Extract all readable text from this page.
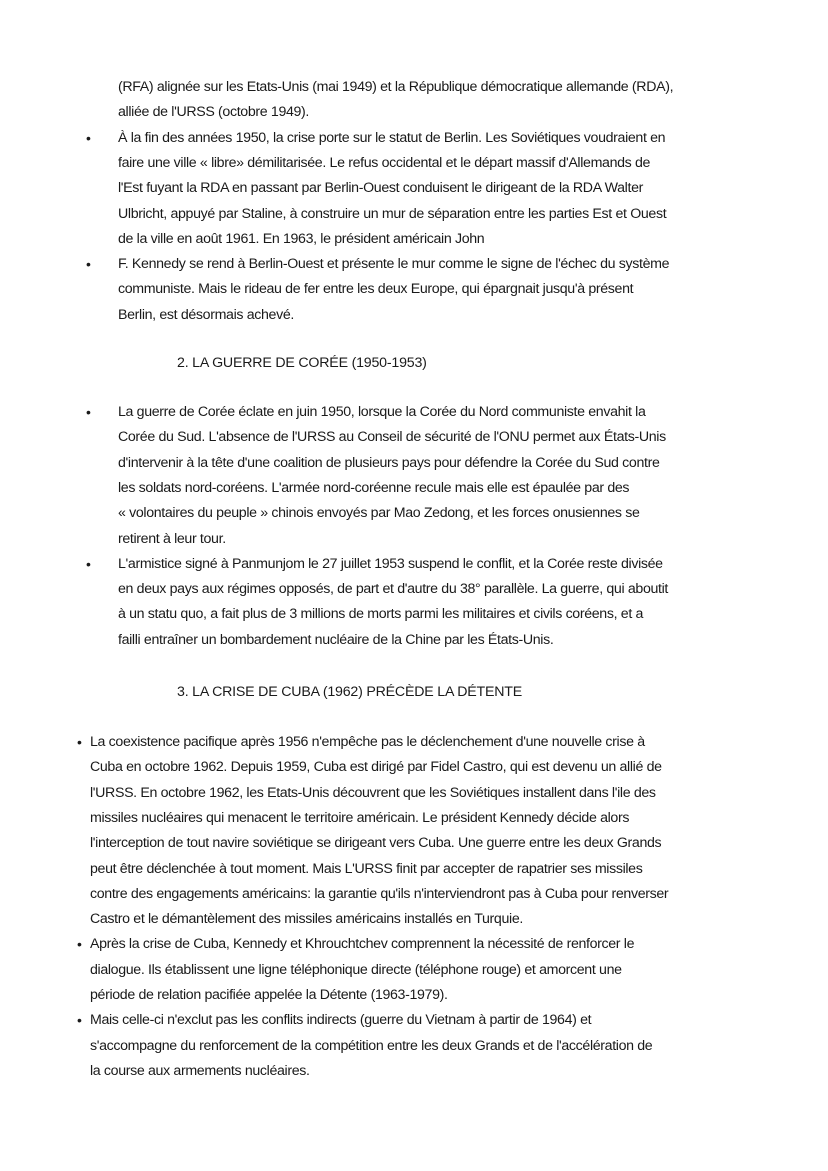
2. LA GUERRE DE CORÉE (1950-1953)
3. LA CRISE DE CUBA (1962) PRÉCÈDE LA DÉTENTE
(RFA) alignée sur les Etats-Unis (mai 1949) et la République démocratique allemande (RDA),
alliée de l'URSS (octobre 1949).
• À la fin des années 1950, la crise porte sur le statut de Berlin. Les Soviétiques voudraient en
faire une ville « libre» démilitarisée. Le refus occidental et le départ massif d'Allemands de
l'Est fuyant la RDA en passant par Berlin-Ouest conduisent le dirigeant de la RDA Walter
Ulbricht, appuyé par Staline, à construire un mur de séparation entre les parties Est et Ouest
de la ville en août 1961. En 1963, le président américain John
• F. Kennedy se rend à Berlin-Ouest et présente le mur comme le signe de l'échec du système
communiste. Mais le rideau de fer entre les deux Europe, qui épargnait jusqu'à présent
Berlin, est désormais achevé.
• La guerre de Corée éclate en juin 1950, lorsque la Corée du Nord communiste envahit la
Corée du Sud. L'absence de l'URSS au Conseil de sécurité de l'ONU permet aux États-Unis
d'intervenir à la tête d'une coalition de plusieurs pays pour défendre la Corée du Sud contre
les soldats nord-coréens. L'armée nord-coréenne recule mais elle est épaulée par des
« volontaires du peuple » chinois envoyés par Mao Zedong, et les forces onusiennes se
retirent à leur tour.
• L'armistice signé à Panmunjom le 27 juillet 1953 suspend le conflit, et la Corée reste divisée
en deux pays aux régimes opposés, de part et d'autre du 38° parallèle. La guerre, qui aboutit
à un statu quo, a fait plus de 3 millions de morts parmi les militaires et civils coréens, et a
failli entraîner un bombardement nucléaire de la Chine par les États-Unis.
• La coexistence pacifique après 1956 n'empêche pas le déclenchement d'une nouvelle crise à
Cuba en octobre 1962. Depuis 1959, Cuba est dirigé par Fidel Castro, qui est devenu un allié de
l'URSS. En octobre 1962, les Etats-Unis découvrent que les Soviétiques installent dans l'ile des
missiles nucléaires qui menacent le territoire américain. Le président Kennedy décide alors
l'interception de tout navire soviétique se dirigeant vers Cuba. Une guerre entre les deux Grands
peut être déclenchée à tout moment. Mais L'URSS finit par accepter de rapatrier ses missiles
contre des engagements américains: la garantie qu'ils n'interviendront pas à Cuba pour renverser
Castro et le démantèlement des missiles américains installés en Turquie.
• Après la crise de Cuba, Kennedy et Khrouchtchev comprennent la nécessité de renforcer le
dialogue. Ils établissent une ligne téléphonique directe (téléphone rouge) et amorcent une
période de relation pacifiée appelée la Détente (1963-1979).
• Mais celle-ci n'exclut pas les conflits indirects (guerre du Vietnam à partir de 1964) et
s'accompagne du renforcement de la compétition entre les deux Grands et de l'accélération de
la course aux armements nucléaires.
